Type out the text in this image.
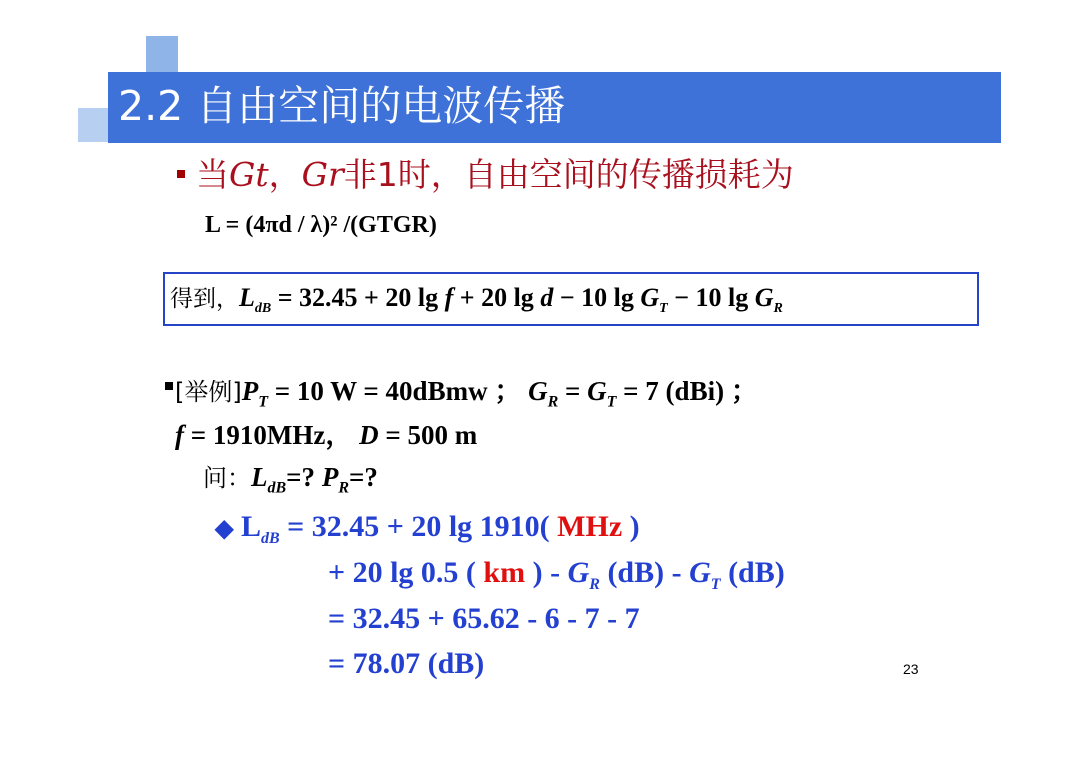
2.2 自由空间的电波传播
当Gt，Gr非1时，自由空间的传播损耗为
L = (4πd / λ)² /(GTGR)
得到，$L_{dB} = 32.45 + 20$ lg f + 20 lg d − 10 $\lg G_T - 10$ $\lg G_R$
[举例]$P_T = 10$ W = 40dBmw ； $G_R = G_T = 7$ (dBi) ；
f = 1910MHz， D = 500 m
问：$L_{dB}=$? $P_R=$?
◆ $L_{dB} = 32.45 + 20$ lg 1910( MHz )
+ 20 lg 0.5 ( km ) - $G_R$ $(dB) - G_T$ (dB)
= 32.45 + 65.62 - 6 - 7 - 7
= 78.07 (dB)	23
